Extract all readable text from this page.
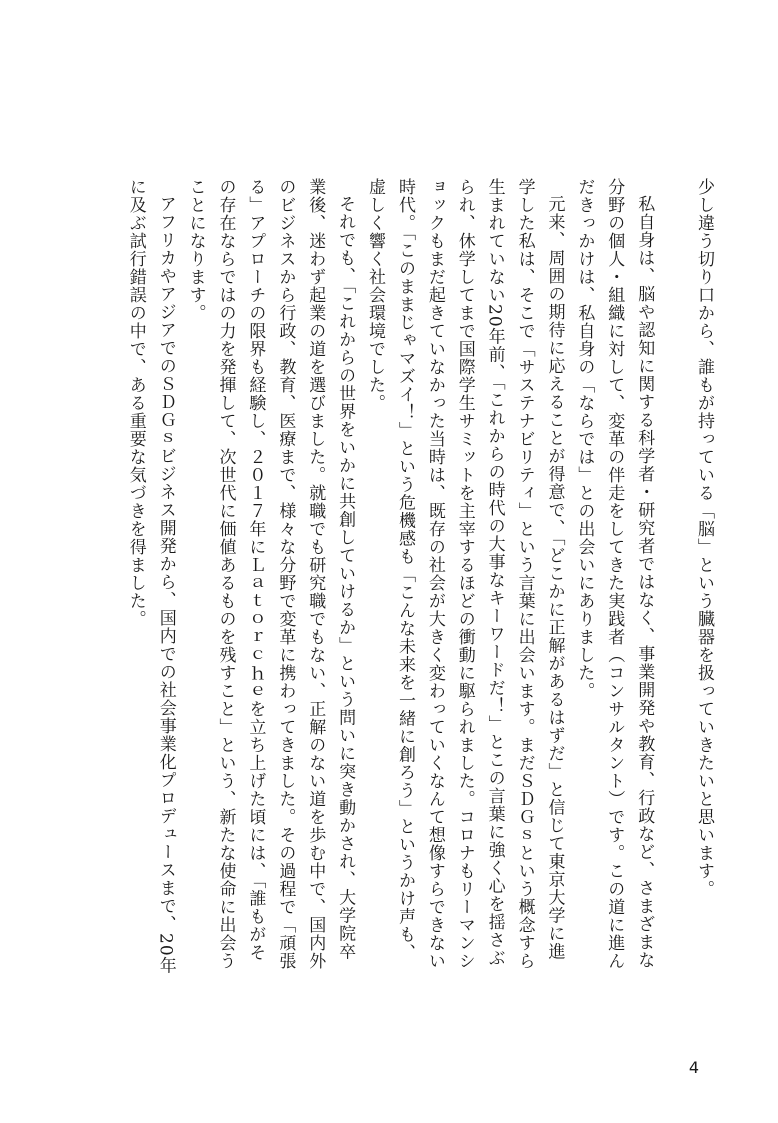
少し違う切り口から、誰もが持っている「脳」という臓器を扱っていきたいと思います。

私自身は、脳や認知に関する科学者・研究者ではなく、事業開発や教育、行政など、さまざまな分野の個人・組織に対して、変革の伴走をしてきた実践者（コンサルタント）です。この道に進んだきっかけは、私自身の「ならでは」との出会いにありました。

元来、周囲の期待に応えることが得意で、「どこかに正解があるはずだ」と信じて東京大学に進学した私は、そこで「サステナビリティ」という言葉に出会います。まだＳＤＧｓという概念すら生まれていない20年前、「これからの時代の大事なキーワードだ！」とこの言葉に強く心を揺さぶられ、休学してまで国際学生サミットを主宰するほどの衝動に駆られました。コロナもリーマンショックもまだ起きていなかった当時は、既存の社会が大きく変わっていくなんて想像すらできない時代。「このままじゃマズイ！」という危機感も「こんな未来を一緒に創ろう」というかけ声も、虚しく響く社会環境でした。

それでも、「これからの世界をいかに共創していけるか」という問いに突き動かされ、大学院卒業後、迷わず起業の道を選びました。就職でも研究職でもない、正解のない道を歩む中で、国内外のビジネスから行政、教育、医療まで、様々な分野で変革に携わってきました。その過程で「頑張る」アプローチの限界も経験し、２０１７年にＬａｔｏｒｃｈｅを立ち上げた頃には、「誰もがその存在ならではの力を発揮して、次世代に価値あるものを残すこと」という、新たな使命に出会うことになります。

アフリカやアジアでのＳＤＧｓビジネス開発から、国内での社会事業化プロデュースまで、20年に及ぶ試行錯誤の中で、ある重要な気づきを得ました。

4
